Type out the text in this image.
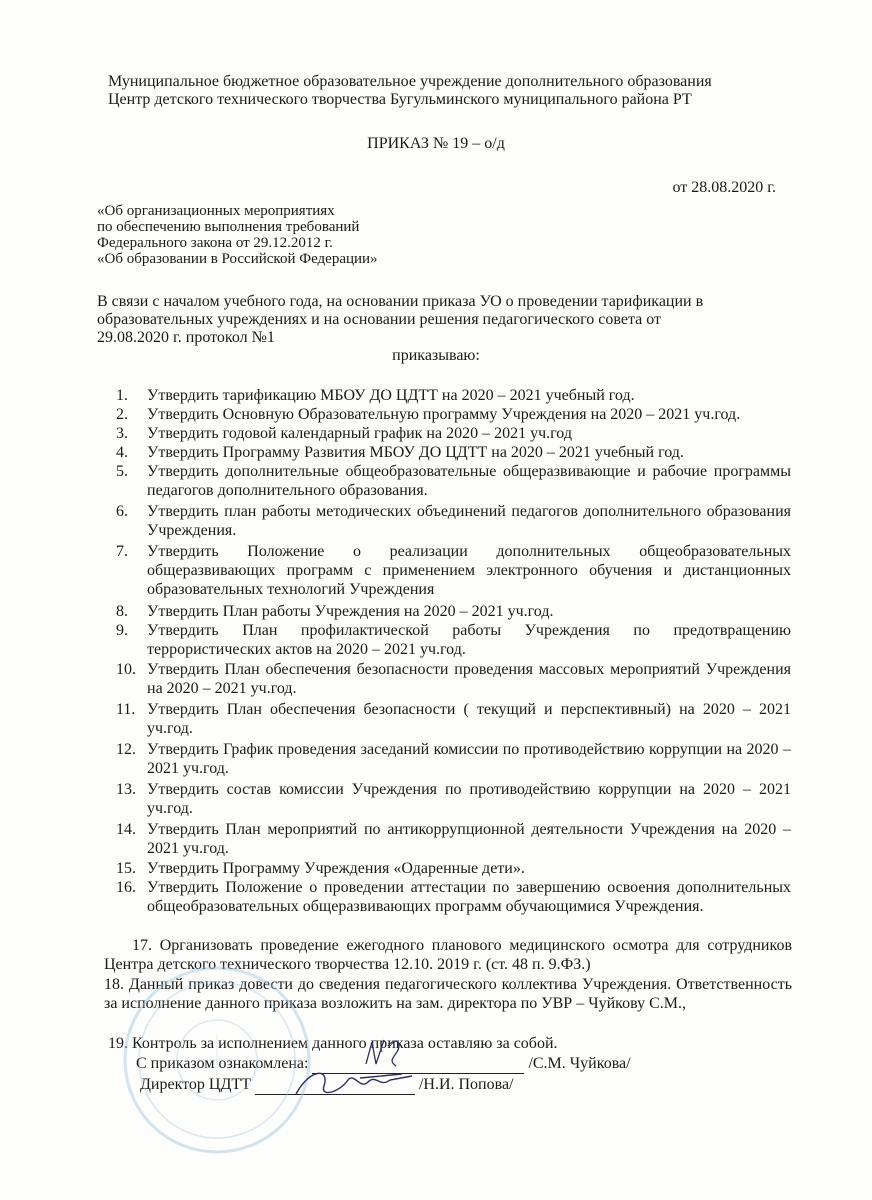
Муниципальное бюджетное образовательное учреждение дополнительного образования

Центр детского технического творчества Бугульминского муниципального района РТ

ПРИКАЗ № 19 – о/д

от 28.08.2020 г.

«Об организационных мероприятиях

по обеспечению выполнения требований

Федерального закона от 29.12.2012 г.

«Об образовании в Российской Федерации»

В связи с началом учебного года, на основании приказа УО о проведении тарификации в

образовательных учреждениях и на основании решения педагогического совета от

29.08.2020 г. протокол №1

приказываю:

1. Утвердить тарификацию МБОУ ДО ЦДТТ на 2020 – 2021 учебный год.

2. Утвердить Основную Образовательную программу Учреждения на 2020 – 2021 уч.год.

3. Утвердить годовой календарный график на 2020 – 2021 уч.год

4. Утвердить Программу Развития МБОУ ДО ЦДТТ на 2020 – 2021 учебный год.

5. Утвердить дополнительные общеобразовательные общеразвивающие и рабочие программы педагогов дополнительного образования.

6. Утвердить план работы методических объединений педагогов дополнительного образования Учреждения.

7. Утвердить Положение о реализации дополнительных общеобразовательных общеразвивающих программ с применением электронного обучения и дистанционных образовательных технологий Учреждения

8. Утвердить План работы Учреждения на 2020 – 2021 уч.год.

9. Утвердить План профилактической работы Учреждения по предотвращению террористических актов на 2020 – 2021 уч.год.

10. Утвердить План обеспечения безопасности проведения массовых мероприятий Учреждения на 2020 – 2021 уч.год.

11. Утвердить План обеспечения безопасности ( текущий и перспективный) на 2020 – 2021 уч.год.

12. Утвердить График проведения заседаний комиссии по противодействию коррупции на 2020 – 2021 уч.год.

13. Утвердить состав комиссии Учреждения по противодействию коррупции на 2020 – 2021 уч.год.

14. Утвердить План мероприятий по антикоррупционной деятельности Учреждения на 2020 – 2021 уч.год.

15. Утвердить Программу Учреждения «Одаренные дети».

16. Утвердить Положение о проведении аттестации по завершению освоения дополнительных общеобразовательных общеразвивающих программ обучающимися Учреждения.

17. Организовать проведение ежегодного планового медицинского осмотра для сотрудников Центра детского технического творчества 12.10. 2019 г. (ст. 48 п. 9.ФЗ.)

18. Данный приказ довести до сведения педагогического коллектива Учреждения. Ответственность за исполнение данного приказа возложить на зам. директора по УВР – Чуйкову С.М.,

19. Контроль за исполнением данного приказа оставляю за собой.

С приказом ознакомлена:	/С.М. Чуйкова/
Директор ЦДТТ	/Н.И. Попова/
